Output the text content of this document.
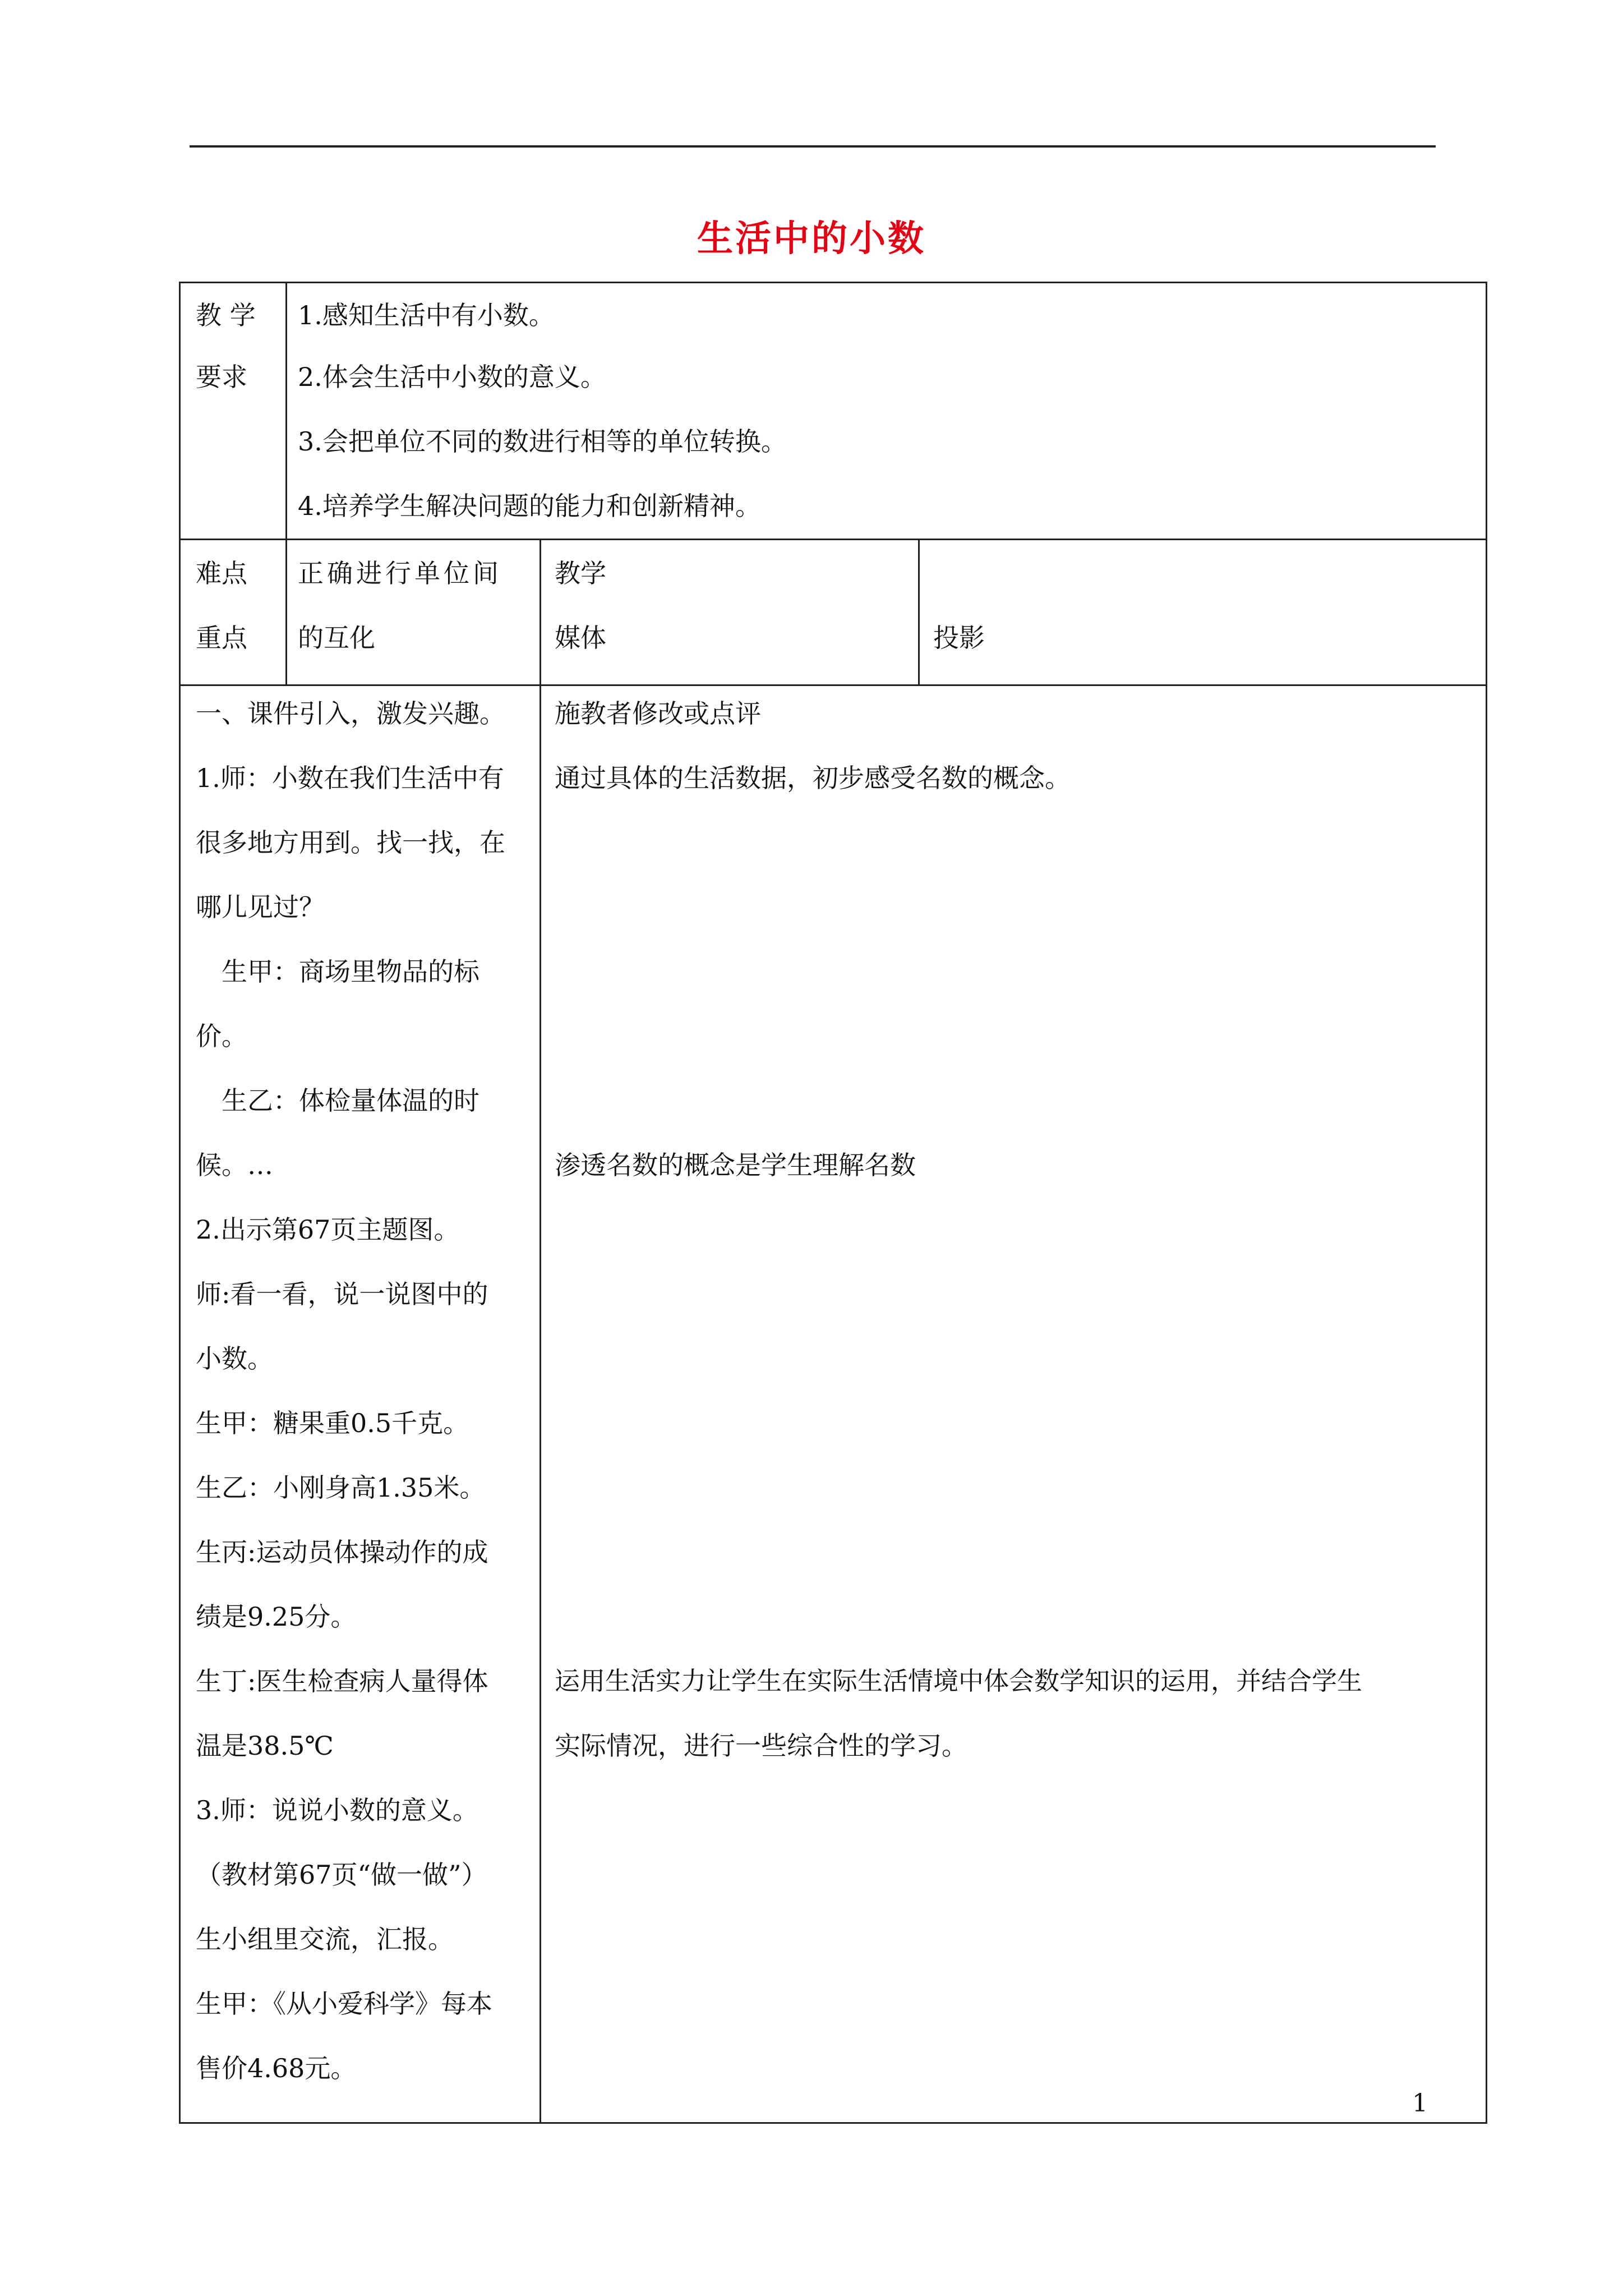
生活中的小数
教 学
要求
1.感知生活中有小数。
2.体会生活中小数的意义。
3.会把单位不同的数进行相等的单位转换。
4.培养学生解决问题的能力和创新精神。
难点
重点
正确进行单位间
的互化
教学
媒体	投影
一、课件引入，激发兴趣。
1.师：小数在我们生活中有
很多地方用到。找一找，在
哪儿见过？
　生甲：商场里物品的标
价。
　生乙：体检量体温的时
候。…
2.出示第67页主题图。
师:看一看，说一说图中的
小数。
生甲：糖果重0.5千克。
生乙：小刚身高1.35米。
生丙:运动员体操动作的成
绩是9.25分。
生丁:医生检查病人量得体
温是38.5℃
3.师：说说小数的意义。
（教材第67页“做一做”）
生小组里交流，汇报。
生甲：《从小爱科学》每本
售价4.68元。
施教者修改或点评
通过具体的生活数据，初步感受名数的概念。
渗透名数的概念是学生理解名数
运用生活实力让学生在实际生活情境中体会数学知识的运用，并结合学生
实际情况，进行一些综合性的学习。
1
